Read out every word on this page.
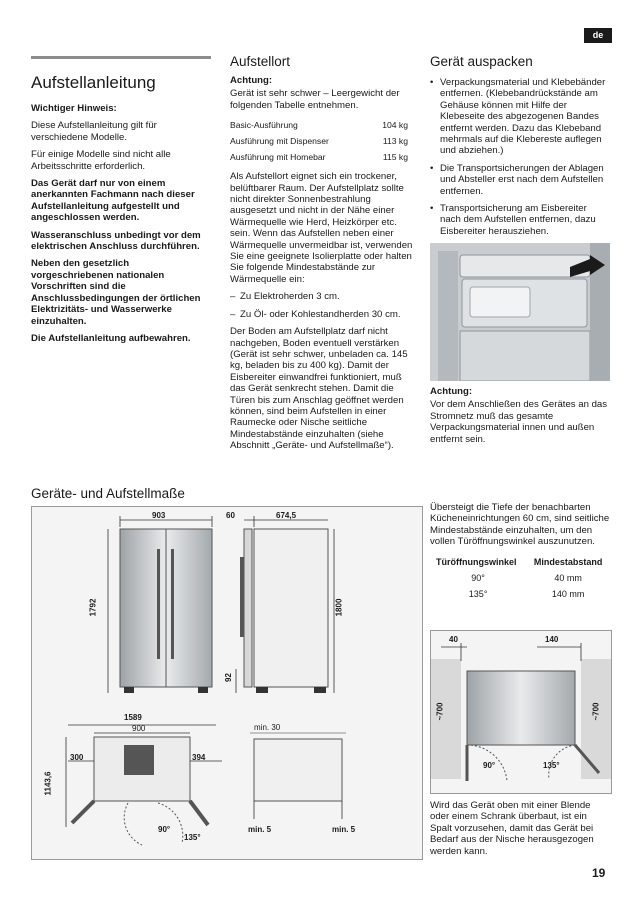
de
Aufstellanleitung
Wichtiger Hinweis:
Diese Aufstellanleitung gilt für verschiedene Modelle.
Für einige Modelle sind nicht alle Arbeitsschritte erforderlich.
Das Gerät darf nur von einem anerkannten Fachmann nach dieser Aufstellanleitung aufgestellt und angeschlossen werden.
Wasseranschluss unbedingt vor dem elektrischen Anschluss durchführen.
Neben den gesetzlich vorgeschriebenen nationalen Vorschriften sind die Anschlussbedingungen der örtlichen Elektrizitäts- und Wasserwerke einzuhalten.
Die Aufstellanleitung aufbewahren.
Aufstellort
Achtung:
Gerät ist sehr schwer – Leergewicht der folgenden Tabelle entnehmen.
Basic-Ausführung	104 kg
Ausführung mit Dispenser	113 kg
Ausführung mit Homebar	115 kg
Als Aufstellort eignet sich ein trockener, belüftbarer Raum. Der Aufstellplatz sollte nicht direkter Sonnenbestrahlung ausgesetzt und nicht in der Nähe einer Wärmequelle wie Herd, Heizkörper etc. sein. Wenn das Aufstellen neben einer Wärmequelle unvermeidbar ist, verwenden Sie eine geeignete Isolierplatte oder halten Sie folgende Mindestabstände zur Wärmequelle ein:
– Zu Elektroherden 3 cm.
– Zu Öl- oder Kohlestandherden 30 cm.
Der Boden am Aufstellplatz darf nicht nachgeben, Boden eventuell verstärken (Gerät ist sehr schwer, unbeladen ca. 145 kg, beladen bis zu 400 kg). Damit der Eisbereiter einwandfrei funktioniert, muß das Gerät senkrecht stehen. Damit die Türen bis zum Anschlag geöffnet werden können, sind beim Aufstellen in einer Raumecke oder Nische seitliche Mindestabstände einzuhalten (siehe Abschnitt „Geräte- und Aufstellmaße“).
Gerät auspacken
• Verpackungsmaterial und Klebebänder entfernen. (Klebebandrückstände am Gehäuse können mit Hilfe der Klebeseite des abgezogenen Bandes entfernt werden. Dazu das Klebeband mehrmals auf die Klebereste auflegen und abziehen.)
• Die Transportsicherungen der Ablagen und Absteller erst nach dem Aufstellen entfernen.
• Transportsicherung am Eisbereiter nach dem Aufstellen entfernen, dazu Eisbereiter herausziehen.
Achtung:
Vor dem Anschließen des Gerätes an das Stromnetz muß das gesamte Verpackungsmaterial innen und außen entfernt sein.
Geräte- und Aufstellmaße
903	60	674,5
1792	1800
92
1589
900
300	394
1143,6
90°
135°
min. 30
min. 5	min. 5
Übersteigt die Tiefe der benachbarten Kücheneinrichtungen 60 cm, sind seitliche Mindestabstände einzuhalten, um den vollen Türöffnungswinkel auszunutzen.
Türöffnungswinkel	Mindestabstand
90°	40 mm
135°	140 mm
40	140
~700	~700
90°	135°
Wird das Gerät oben mit einer Blende oder einem Schrank überbaut, ist ein Spalt vorzusehen, damit das Gerät bei Bedarf aus der Nische herausgezogen werden kann.
19
